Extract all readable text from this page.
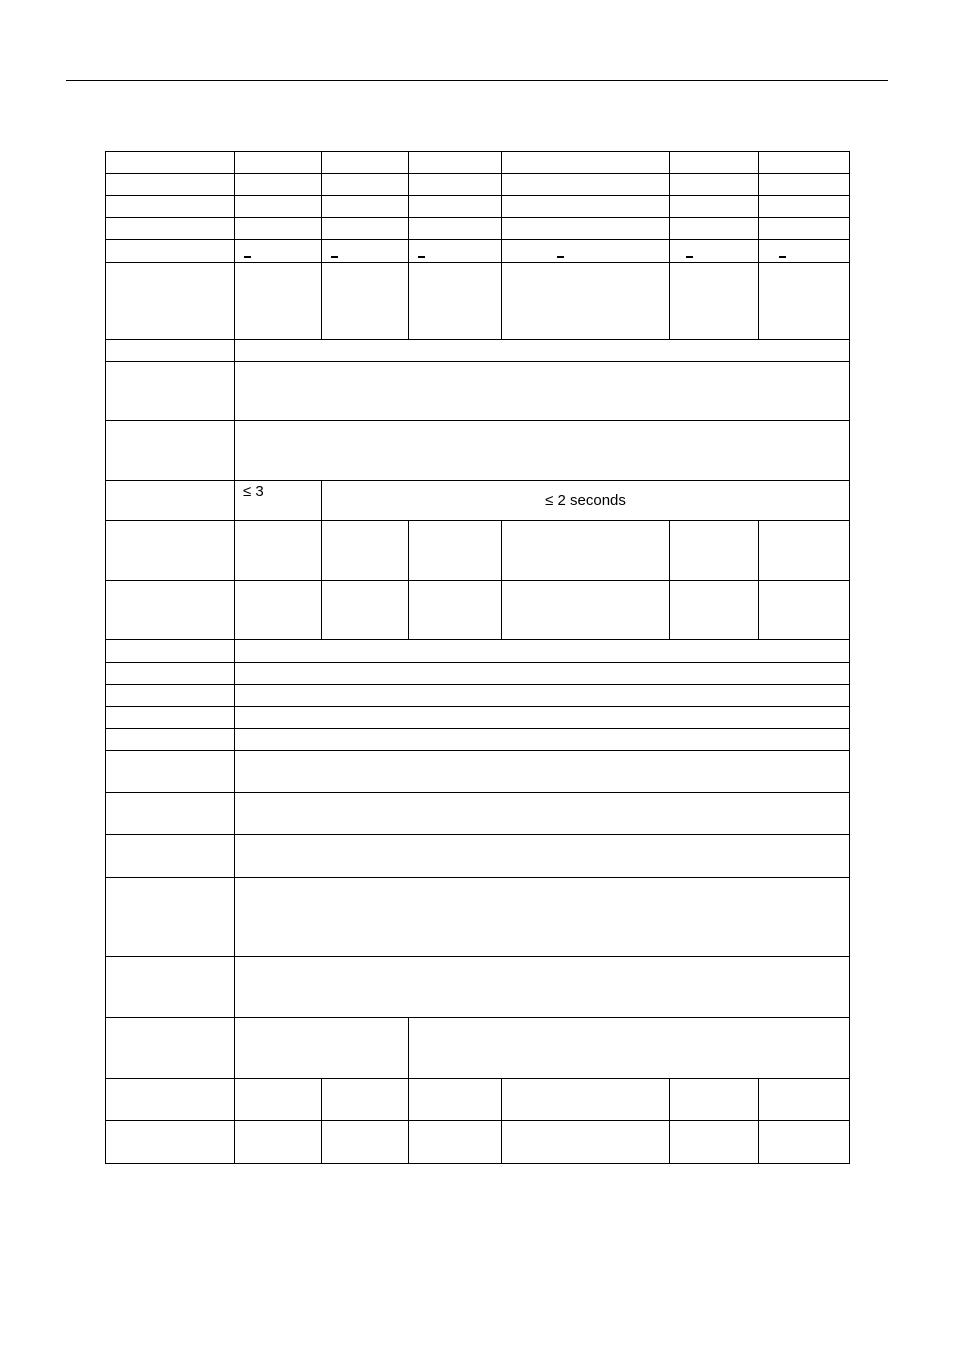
	≤ 3	≤ 2 seconds				
